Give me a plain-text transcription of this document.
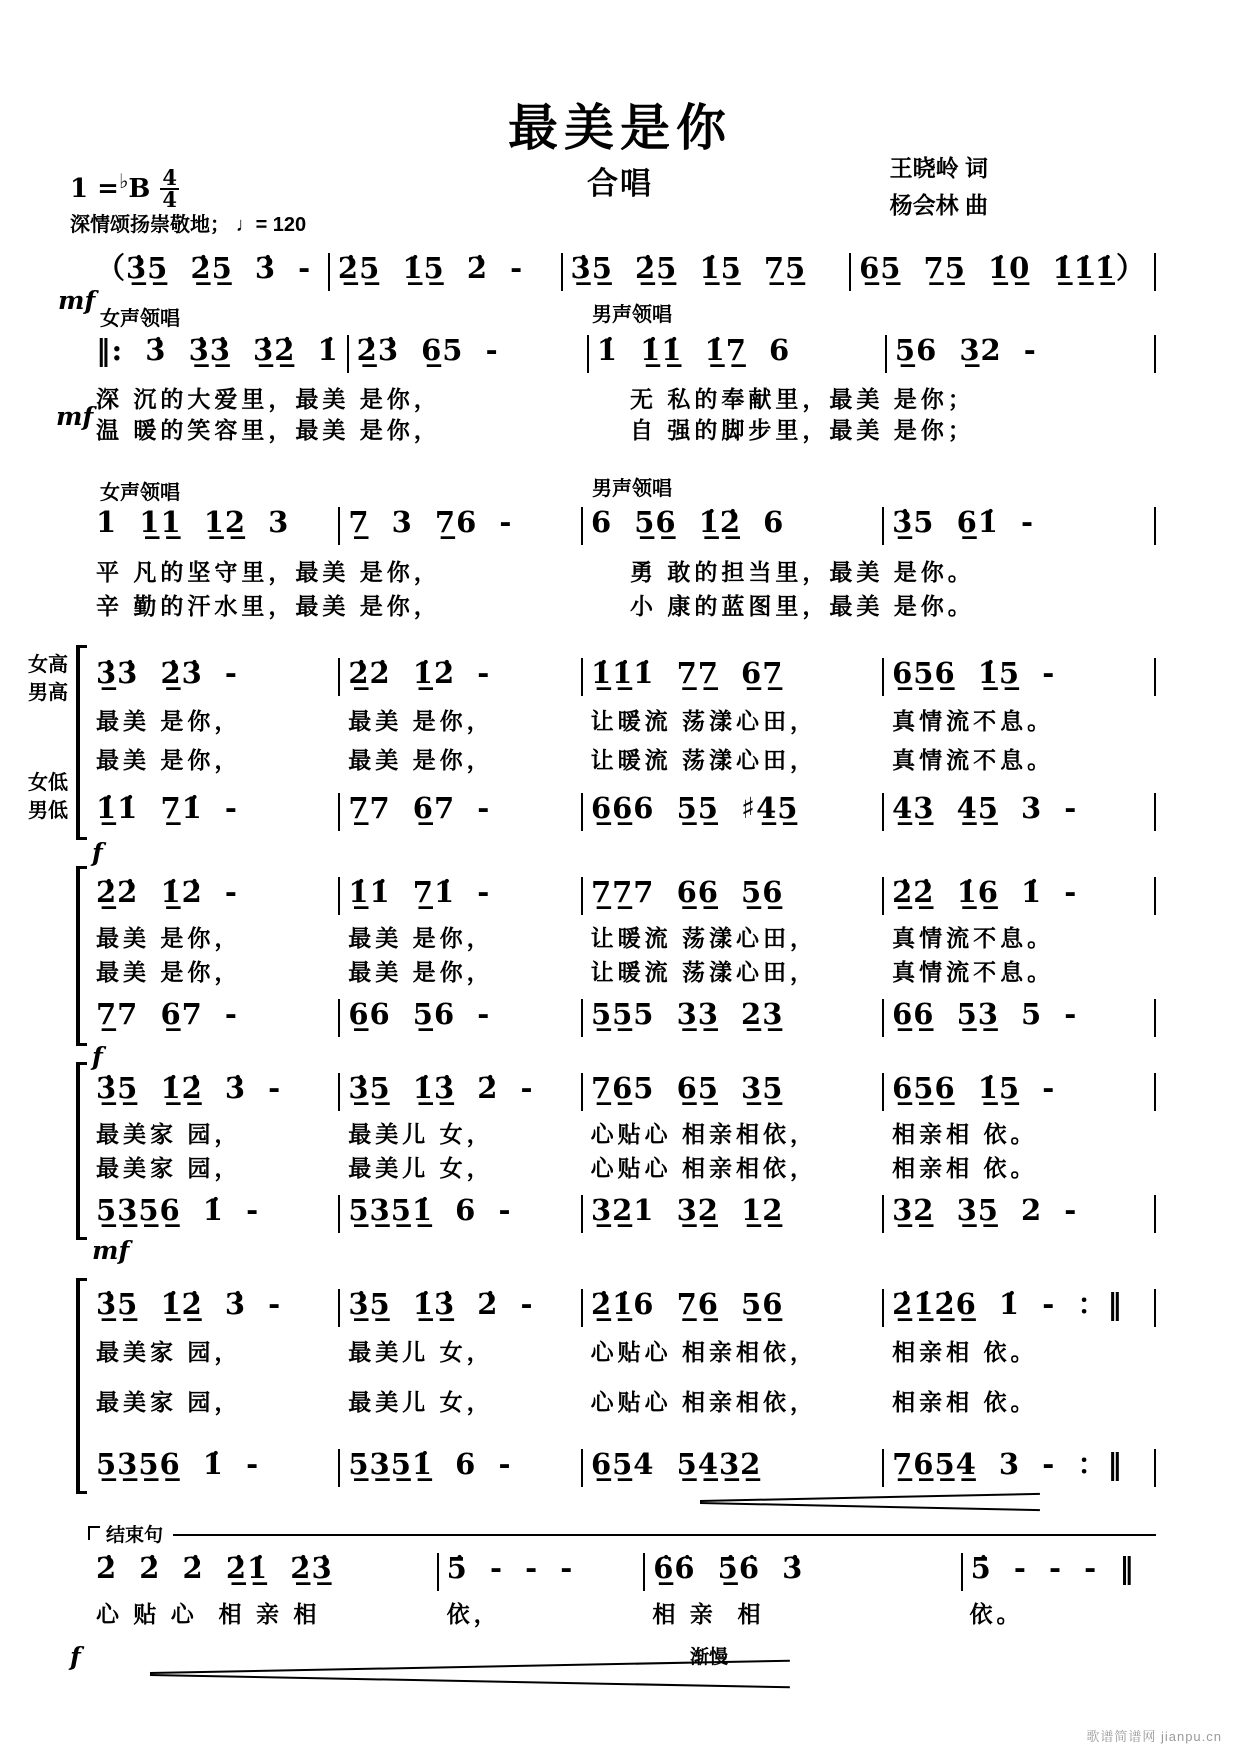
最美是你
合唱	王晓岭 词
杨会林 曲
1 = ♭ B $\frac{4}{4}$
深情颂扬崇敬地； ♩= 120
（3̲̇5̲ 2̲̇5̲ 3̇ - 2̲̇5̲ 1̲̇5̲ 2̇ -	3̲̇5̲ 2̲̇5̲ 1̲̇5̲ 7̲5̲	6̲5̲ 7̲5̲ 1̲̇0̲ 1̲̇1̲̇1̲̇）
mf
女声领唱	男声领唱
‖: 3̇ 3̲̇3̲̇ 3̲̇2̲̇ 1̇ 2̲̇3̇ 6̲5 -	1̇ 1̲̇1̲̇ 1̲̇7̲ 6	5̲6 3̲2 -
深 沉的大爱里，最美 是你，	无 私的奉献里，最美 是你；
mf 温 暖的笑容里，最美 是你，	自 强的脚步里，最美 是你；
女声领唱	男声领唱
1 1̲1̲ 1̲2̲ 3	7̲ 3 7̲6 -	6 5̲6̲ 1̲̇2̲̇ 6	3̲̇5 6̲1̇ -
平 凡的坚守里，最美 是你，	勇 敢的担当里，最美 是你。
辛 勤的汗水里，最美 是你，	小 康的蓝图里，最美 是你。
女高
男高
女低
男低
3̲̇3̇ 2̲̇3̇ -	2̲̇2̇ 1̲̇2̇ -	1̲̇1̲̇1̇ 7̲7̲ 6̲7̲	6̲5̲6̲ 1̲̇5̲ -
最美 是你，	最美 是你，	让暖流 荡漾心田，	真情流不息。
最美 是你，	最美 是你，	让暖流 荡漾心田，	真情流不息。
1̲̇1̇ 7̲1̇ -	7̲7 6̲7 -	6̲6̲6 5̲5̲ ♯4̲5̲	4̲3̲ 4̲5̲ 3 -
f
2̲̇2̇ 1̲̇2̇ -	1̲̇1̇ 7̲1̇ -	7̲7̲7 6̲6̲ 5̲6̲	2̲̇2̲̇ 1̲̇6̲ 1̇ -
最美 是你，	最美 是你，	让暖流 荡漾心田，	真情流不息。
最美 是你，	最美 是你，	让暖流 荡漾心田，	真情流不息。
7̲7 6̲7 -	6̲6 5̲6 -	5̲5̲5 3̲3̲ 2̲3̲	6̲6̲ 5̲3̲ 5 -
f
3̲̇5̲ 1̲̇2̲̇ 3̇ -	3̲̇5̲ 1̲̇3̲̇ 2̇ -	7̲6̲5 6̲5̲ 3̲5̲	6̲5̲6̲ 1̲̇5̲ -
最美家 园，	最美儿 女，	心贴心 相亲相依，	相亲相 依。
最美家 园，	最美儿 女，	心贴心 相亲相依，	相亲相 依。
5̲3̲5̲6̲ 1̇ -	5̲3̲5̲1̲̇ 6 -	3̲2̲1 3̲2̲ 1̲2̲	3̲2̲ 3̲5̲ 2 -
mf
3̲̇5̲ 1̲̇2̲̇ 3̇ -	3̲̇5̲ 1̲̇3̲̇ 2̇ -	2̲̇1̲̇6 7̲6̲ 5̲6̲	2̲̇1̲̇2̲̇6̲ 1̇ - ：‖
最美家 园，	最美儿 女，	心贴心 相亲相依，	相亲相 依。
最美家 园，	最美儿 女，	心贴心 相亲相依，	相亲相 依。
5̲3̲5̲6̲ 1̇ -	5̲3̲5̲1̲̇ 6 -	6̲5̲4 5̲4̲3̲2̲	7̲6̲5̲4̲ 3 - ：‖
结束句
2̇ 2̇ 2̇ 2̲̇1̲̇ 2̲̇3̲̇	5̇ - - -	6̲̇6̇ 5̲̇6̇ 3̇	5̇ - - - ‖
心 贴 心  相 亲 相	依，	相 亲  相	依。
f	渐慢
歌谱简谱网 jianpu.cn
